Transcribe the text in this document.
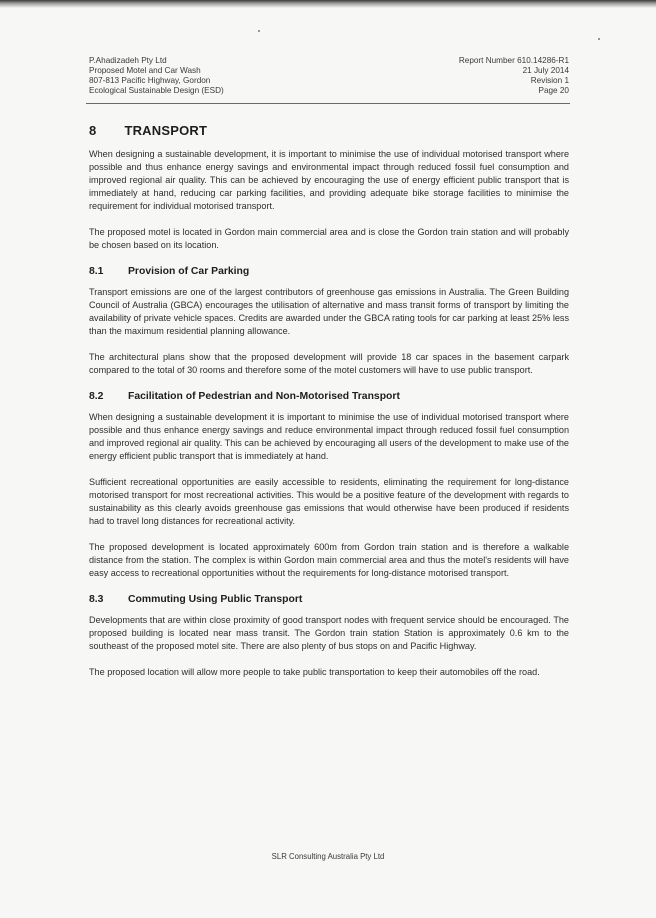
P.Ahadizadeh Pty Ltd
Proposed Motel and Car Wash
807-813 Pacific Highway, Gordon
Ecological Sustainable Design (ESD)
Report Number 610.14286-R1
21 July 2014
Revision 1
Page 20
8 TRANSPORT

When designing a sustainable development, it is important to minimise the use of individual motorised transport where possible and thus enhance energy savings and environmental impact through reduced fossil fuel consumption and improved regional air quality. This can be achieved by encouraging the use of energy efficient public transport that is immediately at hand, reducing car parking facilities, and providing adequate bike storage facilities to minimise the requirement for individual motorised transport.

The proposed motel is located in Gordon main commercial area and is close the Gordon train station and will probably be chosen based on its location.

8.1	Provision of Car Parking

Transport emissions are one of the largest contributors of greenhouse gas emissions in Australia. The Green Building Council of Australia (GBCA) encourages the utilisation of alternative and mass transit forms of transport by limiting the availability of private vehicle spaces. Credits are awarded under the GBCA rating tools for car parking at least 25% less than the maximum residential planning allowance.

The architectural plans show that the proposed development will provide 18 car spaces in the basement carpark compared to the total of 30 rooms and therefore some of the motel customers will have to use public transport.

8.2	Facilitation of Pedestrian and Non-Motorised Transport

When designing a sustainable development it is important to minimise the use of individual motorised transport where possible and thus enhance energy savings and reduce environmental impact through reduced fossil fuel consumption and improved regional air quality. This can be achieved by encouraging all users of the development to make use of the energy efficient public transport that is immediately at hand.

Sufficient recreational opportunities are easily accessible to residents, eliminating the requirement for long-distance motorised transport for most recreational activities. This would be a positive feature of the development with regards to sustainability as this clearly avoids greenhouse gas emissions that would otherwise have been produced if residents had to travel long distances for recreational activity.

The proposed development is located approximately 600m from Gordon train station and is therefore a walkable distance from the station. The complex is within Gordon main commercial area and thus the motel's residents will have easy access to recreational opportunities without the requirements for long-distance motorised transport.

8.3	Commuting Using Public Transport

Developments that are within close proximity of good transport nodes with frequent service should be encouraged. The proposed building is located near mass transit. The Gordon train station Station is approximately 0.6 km to the southeast of the proposed motel site. There are also plenty of bus stops on and Pacific Highway.

The proposed location will allow more people to take public transportation to keep their automobiles off the road.

SLR Consulting Australia Pty Ltd
